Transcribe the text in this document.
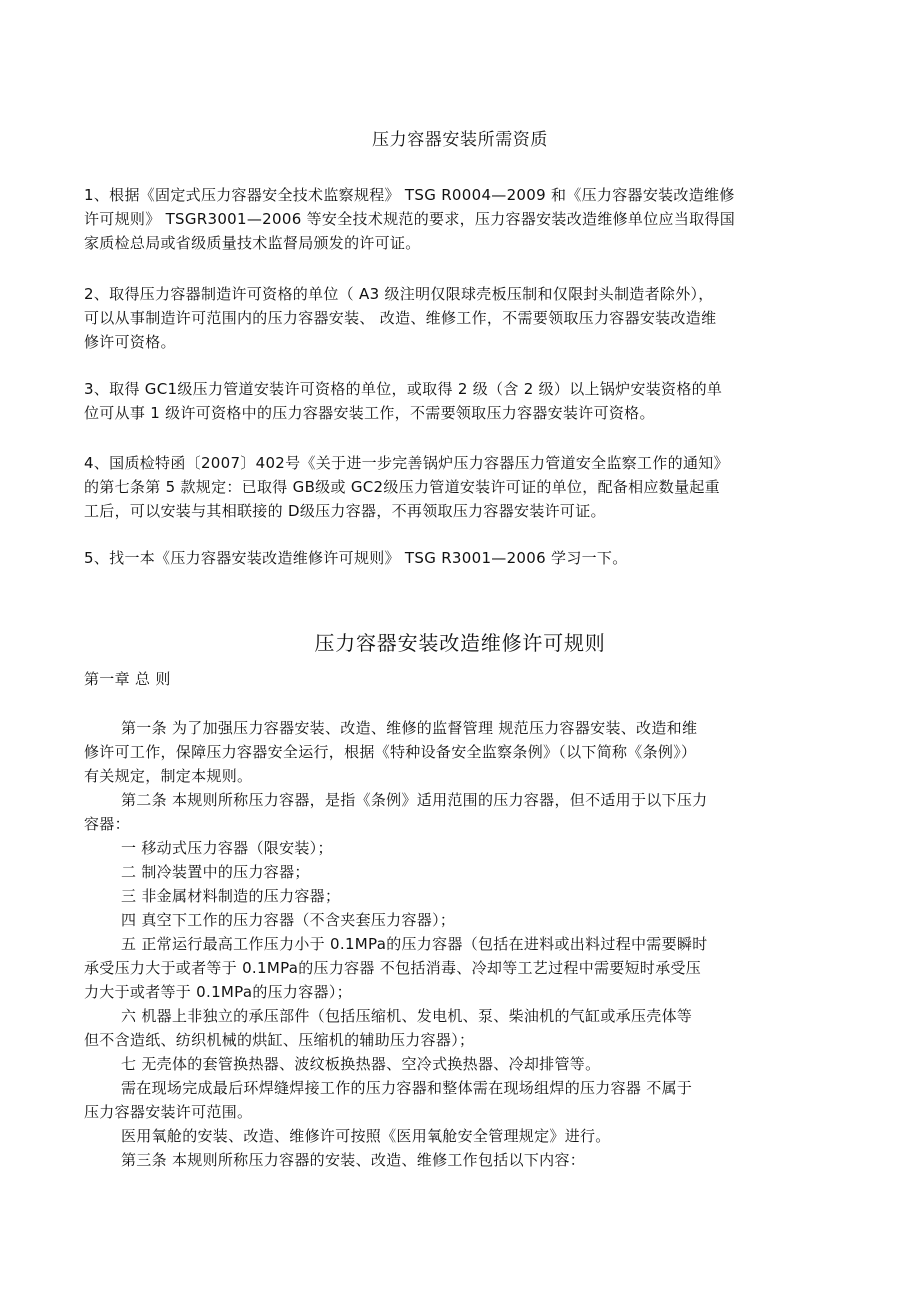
压力容器安装所需资质
1、根据《固定式压力容器安全技术监察规程》 TSG R0004—2009 和《压力容器安装改造维修
许可规则》 TSGR3001—2006 等安全技术规范的要求，压力容器安装改造维修单位应当取得国
家质检总局或省级质量技术监督局颁发的许可证。
2、取得压力容器制造许可资格的单位（ A3 级注明仅限球壳板压制和仅限封头制造者除外），
可以从事制造许可范围内的压力容器安装、 改造、维修工作，不需要领取压力容器安装改造维
修许可资格。
3、取得 GC1级压力管道安装许可资格的单位，或取得 2 级（含 2 级）以上锅炉安装资格的单
位可从事 1 级许可资格中的压力容器安装工作，不需要领取压力容器安装许可资格。
4、国质检特函〔2007〕402号《关于进一步完善锅炉压力容器压力管道安全监察工作的通知》
的第七条第 5 款规定：已取得 GB级或 GC2级压力管道安装许可证的单位，配备相应数量起重
工后，可以安装与其相联接的 D级压力容器，不再领取压力容器安装许可证。
5、找一本《压力容器安装改造维修许可规则》 TSG R3001—2006 学习一下。
压力容器安装改造维修许可规则
第一章 总 则
第一条 为了加强压力容器安装、改造、维修的监督管理 规范压力容器安装、改造和维
修许可工作，保障压力容器安全运行，根据《特种设备安全监察条例》（以下简称《条例》）
有关规定，制定本规则。
第二条 本规则所称压力容器，是指《条例》适用范围的压力容器，但不适用于以下压力
容器：
一 移动式压力容器（限安装）；
二 制冷装置中的压力容器；
三 非金属材料制造的压力容器；
四 真空下工作的压力容器（不含夹套压力容器）；
五 正常运行最高工作压力小于 0.1MPa的压力容器（包括在进料或出料过程中需要瞬时
承受压力大于或者等于 0.1MPa的压力容器 不包括消毒、冷却等工艺过程中需要短时承受压
力大于或者等于 0.1MPa的压力容器）；
六 机器上非独立的承压部件（包括压缩机、发电机、泵、柴油机的气缸或承压壳体等
但不含造纸、纺织机械的烘缸、压缩机的辅助压力容器）；
七 无壳体的套管换热器、波纹板换热器、空冷式换热器、冷却排管等。
需在现场完成最后环焊缝焊接工作的压力容器和整体需在现场组焊的压力容器 不属于
压力容器安装许可范围。
医用氧舱的安装、改造、维修许可按照《医用氧舱安全管理规定》进行。
第三条 本规则所称压力容器的安装、改造、维修工作包括以下内容：
